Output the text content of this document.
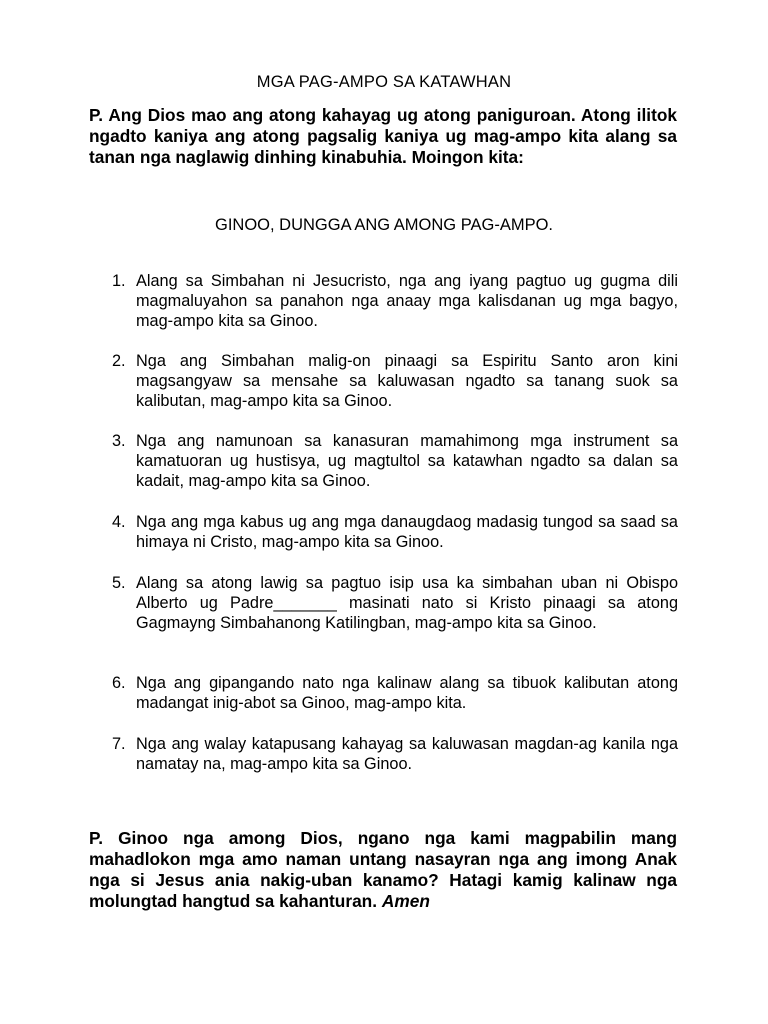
MGA PAG-AMPO SA KATAWHAN

P. Ang Dios mao ang atong kahayag ug atong paniguroan. Atong ilitok ngadto kaniya ang atong pagsalig kaniya ug mag-ampo kita alang sa tanan nga naglawig dinhing kinabuhia. Moingon kita:

GINOO, DUNGGA ANG AMONG PAG-AMPO.

1. Alang sa Simbahan ni Jesucristo, nga ang iyang pagtuo ug gugma dili magmaluyahon sa panahon nga anaay mga kalisdanan ug mga bagyo, mag-ampo kita sa Ginoo.
2. Nga ang Simbahan malig-on pinaagi sa Espiritu Santo aron kini magsangyaw sa mensahe sa kaluwasan ngadto sa tanang suok sa kalibutan, mag-ampo kita sa Ginoo.
3. Nga ang namunoan sa kanasuran mamahimong mga instrument sa kamatuoran ug hustisya, ug magtultol sa katawhan ngadto sa dalan sa kadait, mag-ampo kita sa Ginoo.
4. Nga ang mga kabus ug ang mga danaugdaog madasig tungod sa saad sa himaya ni Cristo, mag-ampo kita sa Ginoo.
5. Alang sa atong lawig sa pagtuo isip usa ka simbahan uban ni Obispo Alberto ug Padre_______ masinati nato si Kristo pinaagi sa atong Gagmayng Simbahanong Katilingban, mag-ampo kita sa Ginoo.
6. Nga ang gipangando nato nga kalinaw alang sa tibuok kalibutan atong madangat inig-abot sa Ginoo, mag-ampo kita.
7. Nga ang walay katapusang kahayag sa kaluwasan magdan-ag kanila nga namatay na, mag-ampo kita sa Ginoo.

P. Ginoo nga among Dios, ngano nga kami magpabilin mang mahadlokon mga amo naman untang nasayran nga ang imong Anak nga si Jesus ania nakig-uban kanamo? Hatagi kamig kalinaw nga molungtad hangtud sa kahanturan. Amen
